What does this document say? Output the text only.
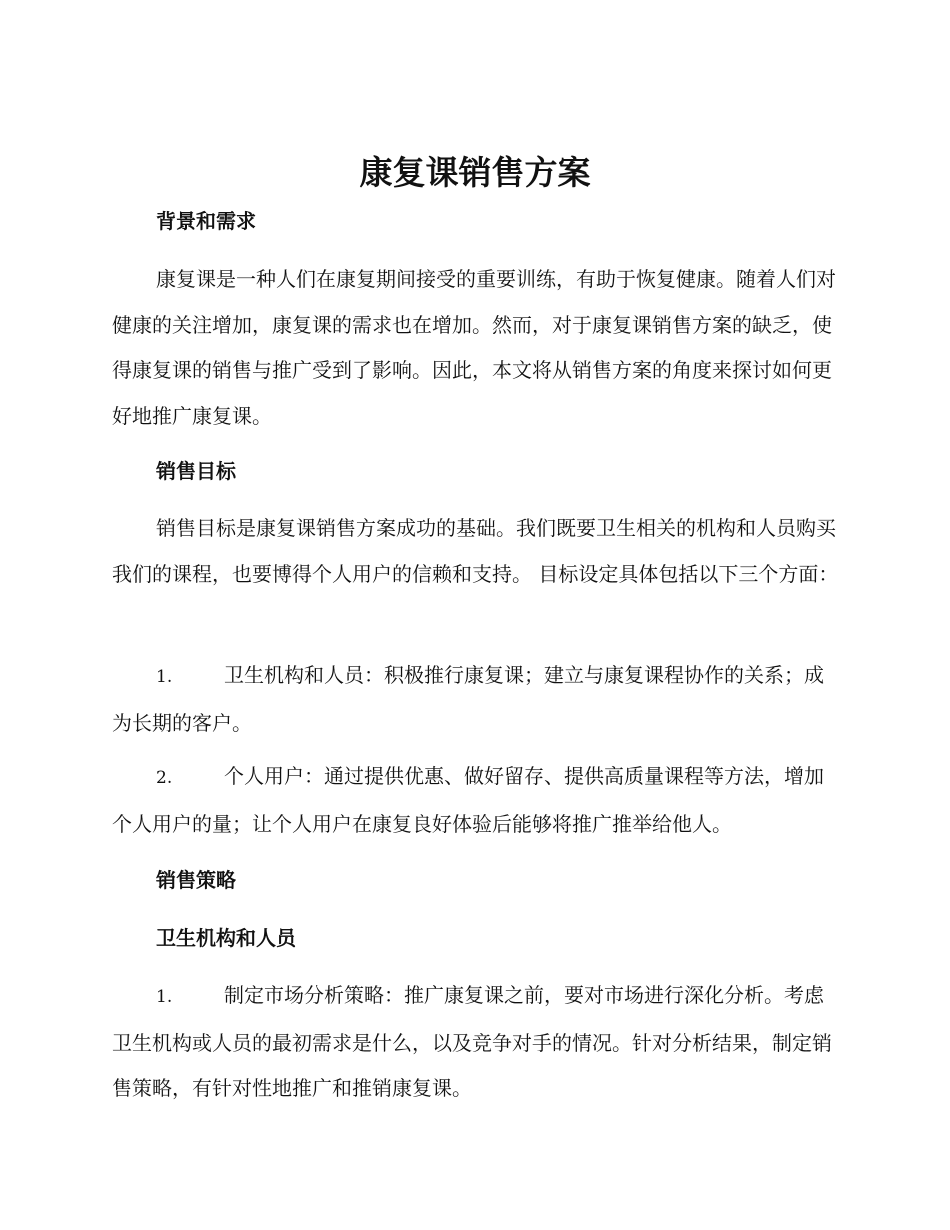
康复课销售方案
背景和需求

康复课是一种人们在康复期间接受的重要训练，有助于恢复健康。随着人们对健康的关注增加，康复课的需求也在增加。然而，对于康复课销售方案的缺乏，使得康复课的销售与推广受到了影响。因此，本文将从销售方案的角度来探讨如何更好地推广康复课。

销售目标

销售目标是康复课销售方案成功的基础。我们既要卫生相关的机构和人员购买我们的课程，也要博得个人用户的信赖和支持。 目标设定具体包括以下三个方面：

1.	卫生机构和人员：积极推行康复课；建立与康复课程协作的关系；成为长期的客户。

2.	个人用户：通过提供优惠、做好留存、提供高质量课程等方法，增加个人用户的量；让个人用户在康复良好体验后能够将推广推举给他人。

销售策略
卫生机构和人员

1.	制定市场分析策略：推广康复课之前，要对市场进行深化分析。考虑卫生机构或人员的最初需求是什么，以及竞争对手的情况。针对分析结果，制定销售策略，有针对性地推广和推销康复课。
